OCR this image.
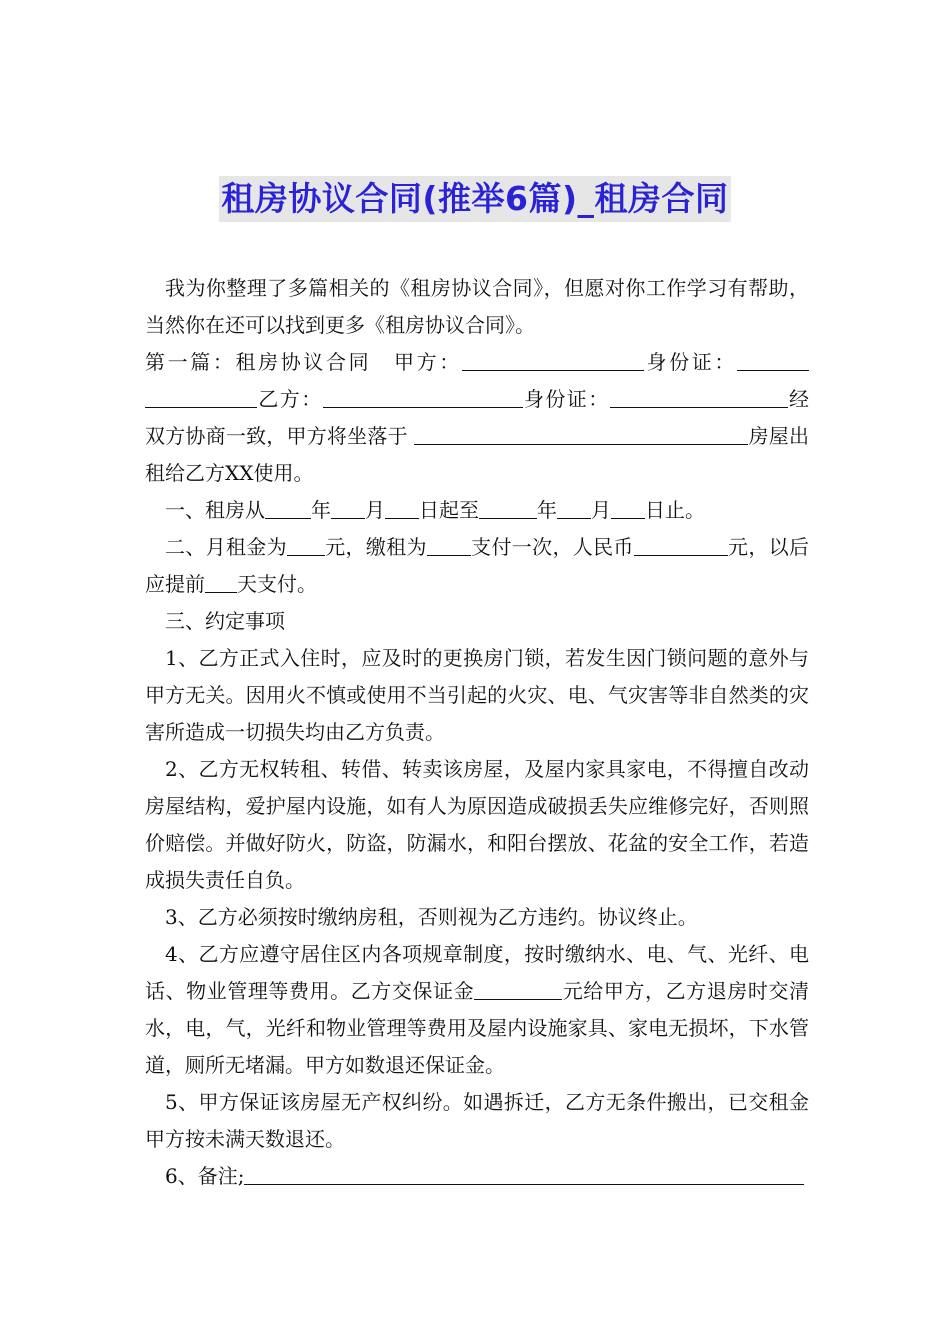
租房协议合同(推举6篇)_租房合同

我为你整理了多篇相关的《租房协议合同》，但愿对你工作学习有帮助，当然你在还可以找到更多《租房协议合同》。

第一篇：租房协议合同　甲方：	身份证：乙方：	身份证：	经双方协商一致，甲方将坐落于	房屋出租给乙方XX使用。

一、租房从 年 月 日起至	年 月 日止。

二、月租金为 元，缴租为 支付一次，人民币	元，以后应提前 天支付。

三、约定事项

1、乙方正式入住时，应及时的更换房门锁，若发生因门锁问题的意外与甲方无关。因用火不慎或使用不当引起的火灾、电、气灾害等非自然类的灾害所造成一切损失均由乙方负责。

2、乙方无权转租、转借、转卖该房屋，及屋内家具家电，不得擅自改动房屋结构，爱护屋内设施，如有人为原因造成破损丢失应维修完好，否则照价赔偿。并做好防火，防盗，防漏水，和阳台摆放、花盆的安全工作，若造成损失责任自负。

3、乙方必须按时缴纳房租，否则视为乙方违约。协议终止。

4、乙方应遵守居住区内各项规章制度，按时缴纳水、电、气、光纤、电话、物业管理等费用。乙方交保证金	元给甲方，乙方退房时交清水，电，气，光纤和物业管理等费用及屋内设施家具、家电无损坏，下水管道，厕所无堵漏。甲方如数退还保证金。

5、甲方保证该房屋无产权纠纷。如遇拆迁，乙方无条件搬出，已交租金甲方按未满天数退还。

6、备注;
